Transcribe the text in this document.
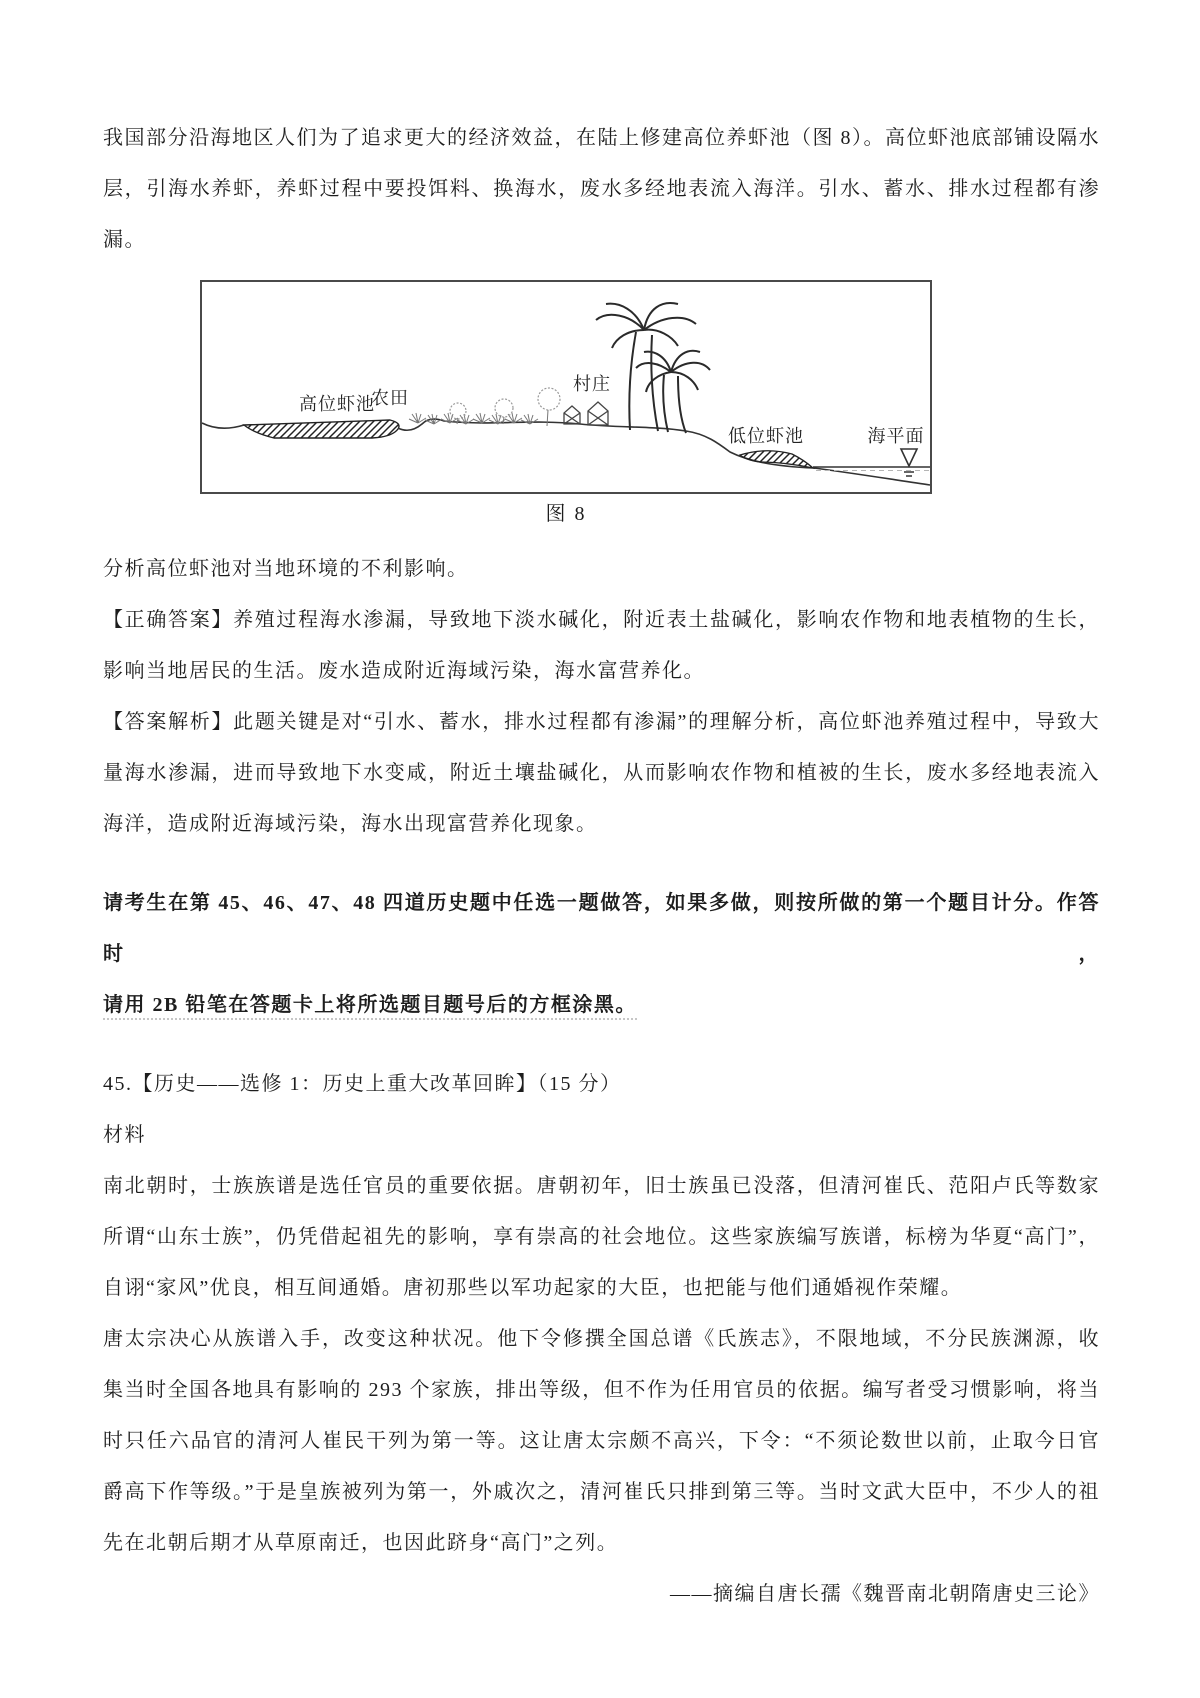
我国部分沿海地区人们为了追求更大的经济效益，在陆上修建高位养虾池（图 8）。高位虾池底部铺设隔水层，引海水养虾，养虾过程中要投饵料、换海水，废水多经地表流入海洋。引水、蓄水、排水过程都有渗漏。

高位虾池
农田
村庄
低位虾池	海平面
图 8

分析高位虾池对当地环境的不利影响。

【正确答案】养殖过程海水渗漏，导致地下淡水碱化，附近表土盐碱化，影响农作物和地表植物的生长，影响当地居民的生活。废水造成附近海域污染，海水富营养化。

【答案解析】此题关键是对“引水、蓄水，排水过程都有渗漏”的理解分析，高位虾池养殖过程中，导致大量海水渗漏，进而导致地下水变咸，附近土壤盐碱化，从而影响农作物和植被的生长，废水多经地表流入海洋，造成附近海域污染，海水出现富营养化现象。

请考生在第 45、46、47、48 四道历史题中任选一题做答，如果多做，则按所做的第一个题目计分。作答时，

请用 2B 铅笔在答题卡上将所选题目题号后的方框涂黑。

45.【历史——选修 1：历史上重大改革回眸】（15 分）

材料

南北朝时，士族族谱是选任官员的重要依据。唐朝初年，旧士族虽已没落，但清河崔氏、范阳卢氏等数家所谓“山东士族”，仍凭借起祖先的影响，享有崇高的社会地位。这些家族编写族谱，标榜为华夏“高门”，自诩“家风”优良，相互间通婚。唐初那些以军功起家的大臣，也把能与他们通婚视作荣耀。

唐太宗决心从族谱入手，改变这种状况。他下令修撰全国总谱《氏族志》，不限地域，不分民族渊源，收集当时全国各地具有影响的 293 个家族，排出等级，但不作为任用官员的依据。编写者受习惯影响，将当时只任六品官的清河人崔民干列为第一等。这让唐太宗颇不高兴，下令：“不须论数世以前，止取今日官爵高下作等级。”于是皇族被列为第一，外戚次之，清河崔氏只排到第三等。当时文武大臣中，不少人的祖先在北朝后期才从草原南迁，也因此跻身“高门”之列。

——摘编自唐长孺《魏晋南北朝隋唐史三论》
